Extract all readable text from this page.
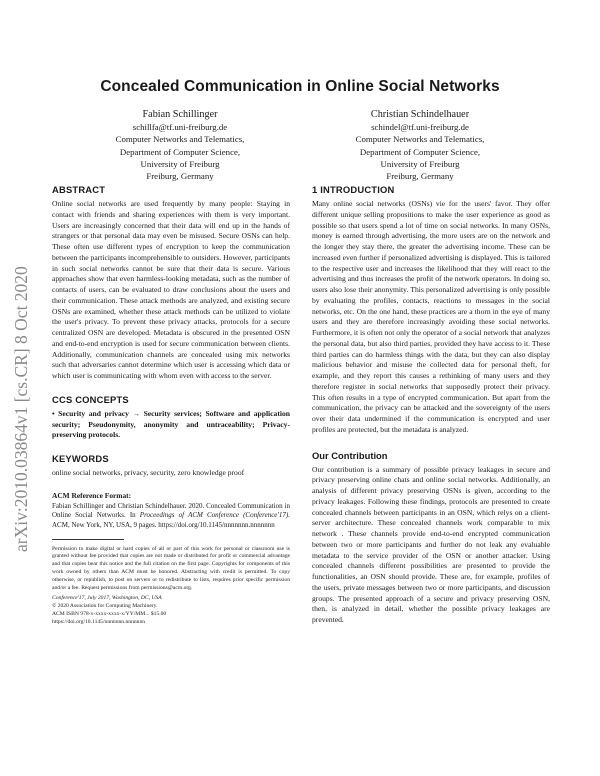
Concealed Communication in Online Social Networks
Fabian Schillinger
schillfa@tf.uni-freiburg.de
Computer Networks and Telematics,
Department of Computer Science,
University of Freiburg
Freiburg, Germany
Christian Schindelhauer
schindel@tf.uni-freiburg.de
Computer Networks and Telematics,
Department of Computer Science,
University of Freiburg
Freiburg, Germany
arXiv:2010.03864v1 [cs.CR] 8 Oct 2020
ABSTRACT

Online social networks are used frequently by many people: Staying in contact with friends and sharing experiences with them is very important. Users are increasingly concerned that their data will end up in the hands of strangers or that personal data may even be misused. Secure OSNs can help. These often use different types of encryption to keep the communication between the participants incomprehensible to outsiders. However, participants in such social networks cannot be sure that their data is secure. Various approaches show that even harmless-looking metadata, such as the number of contacts of users, can be evaluated to draw conclusions about the users and their communication. These attack methods are analyzed, and existing secure OSNs are examined, whether these attack methods can be utilized to violate the user's privacy. To prevent these privacy attacks, protocols for a secure centralized OSN are developed. Metadata is obscured in the presented OSN and end-to-end encryption is used for secure communication between clients. Additionally, communication channels are concealed using mix networks such that adversaries cannot determine which user is accessing which data or which user is communicating with whom even with access to the server.

CCS CONCEPTS
• Security and privacy → Security services; Software and application security; Pseudonymity, anonymity and untraceability; Privacy-preserving protocols.
KEYWORDS

online social networks, privacy, security, zero knowledge proof

ACM Reference Format:
Fabian Schillinger and Christian Schindelhauer. 2020. Concealed Communication in Online Social Networks. In Proceedings of ACM Conference (Conference'17). ACM, New York, NY, USA, 9 pages. https://doi.org/10.1145/nnnnnnn.nnnnnnn
Permission to make digital or hard copies of all or part of this work for personal or classroom use is granted without fee provided that copies are not made or distributed for profit or commercial advantage and that copies bear this notice and the full citation on the first page. Copyrights for components of this work owned by others than ACM must be honored. Abstracting with credit is permitted. To copy otherwise, or republish, to post on servers or to redistribute to lists, requires prior specific permission and/or a fee. Request permissions from permissions@acm.org.
Conference'17, July 2017, Washington, DC, USA
© 2020 Association for Computing Machinery.
ACM ISBN 978-x-xxxx-xxxx-x/YY/MM... $15.00
https://doi.org/10.1145/nnnnnnn.nnnnnnn
1 INTRODUCTION

Many online social networks (OSNs) vie for the users' favor. They offer different unique selling propositions to make the user experience as good as possible so that users spend a lot of time on social networks. In many OSNs, money is earned through advertising, the more users are on the network and the longer they stay there, the greater the advertising income. These can be increased even further if personalized advertising is displayed. This is tailored to the respective user and increases the likelihood that they will react to the advertising and thus increases the profit of the network operators. In doing so, users also lose their anonymity. This personalized advertising is only possible by evaluating the profiles, contacts, reactions to messages in the social networks, etc. On the one hand, these practices are a thorn in the eye of many users and they are therefore increasingly avoiding these social networks. Furthermore, it is often not only the operator of a social network that analyzes the personal data, but also third parties, provided they have access to it. These third parties can do harmless things with the data, but they can also display malicious behavior and misuse the collected data for personal theft, for example, and they report this causes a rethinking of many users and they therefore register in social networks that supposedly protect their privacy. This often results in a type of encrypted communication. But apart from the communication, the privacy can be attacked and the sovereignty of the users over their data undermined if the communication is encrypted and user profiles are protected, but the metadata is analyzed.

Our Contribution

Our contribution is a summary of possible privacy leakages in secure and privacy preserving online chats and online social networks. Additionally, an analysis of different privacy preserving OSNs is given, according to the privacy leakages. Following these findings, protocols are presented to create concealed channels between participants in an OSN, which relys on a client-server architecture. These concealed channels work comparable to mix network . These channels provide end-to-end encrypted communication between two or more participants and further do not leak any evaluable metadata to the service provider of the OSN or another attacker. Using concealed channels different possibilities are presented to provide the functionalities, an OSN should provide. These are, for example, profiles of the users, private messages between two or more participants, and discussion groups. The presented approach of a secure and privacy preserving OSN, then, is analyzed in detail, whether the possible privacy leakages are prevented.
